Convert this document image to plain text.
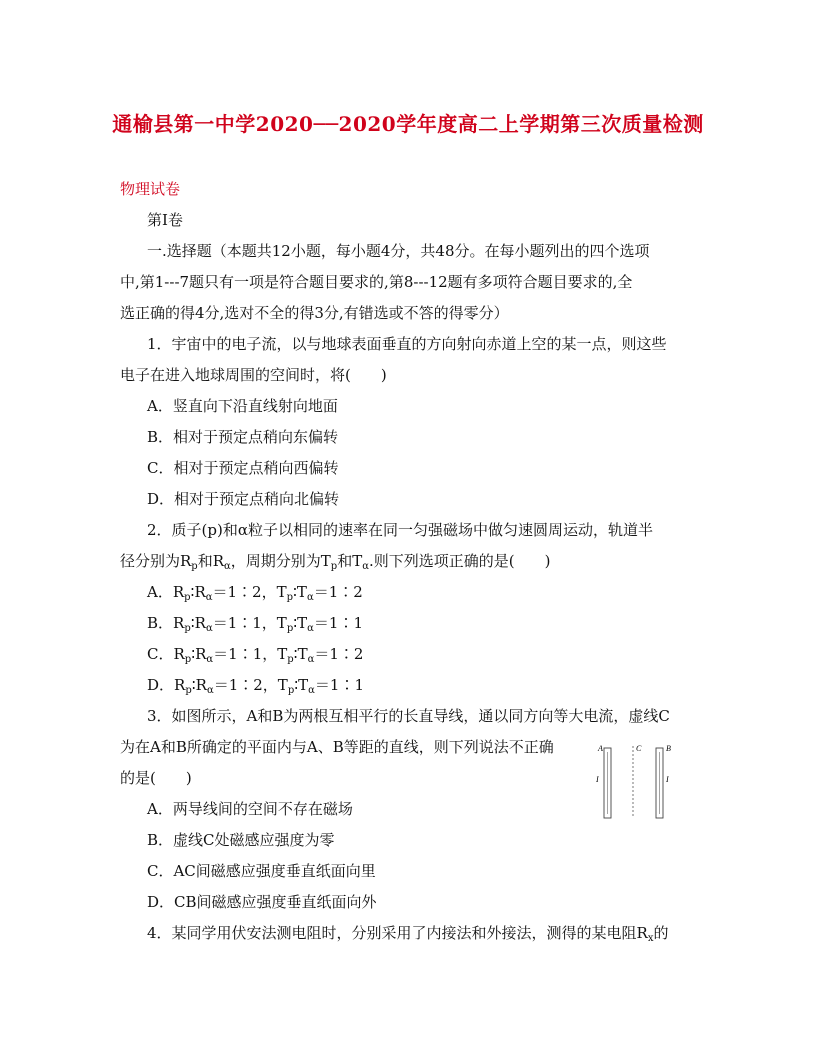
通榆县第一中学2020──2020学年度高二上学期第三次质量检测
物理试卷
第Ⅰ卷
一.选择题（本题共12小题，每小题4分，共48分。在每小题列出的四个选项
中,第1---7题只有一项是符合题目要求的,第8---12题有多项符合题目要求的,全
选正确的得4分,选对不全的得3分,有错选或不答的得零分）
1．宇宙中的电子流，以与地球表面垂直的方向射向赤道上空的某一点，则这些
电子在进入地球周围的空间时，将(　　)
A．竖直向下沿直线射向地面
B．相对于预定点稍向东偏转
C．相对于预定点稍向西偏转
D．相对于预定点稍向北偏转
2．质子(p)和α粒子以相同的速率在同一匀强磁场中做匀速圆周运动，轨道半
径分别为$R_p$和$R_\alpha$，周期分别为$T_p$和$T_\alpha$.则下列选项正确的是(　　)
A．$R_p∶R_\alpha=1∶2$，$T_p∶T_\alpha=1∶2$
B．$R_p∶R_\alpha=1∶1$，$T_p∶T_\alpha=1∶1$
C．$R_p∶R_\alpha=1∶1$，$T_p∶T_\alpha=1∶2$
D．$R_p∶R_\alpha=1∶2$，$T_p∶T_\alpha=1∶1$
3．如图所示，A和B为两根互相平行的长直导线，通以同方向等大电流，虚线C
为在A和B所确定的平面内与A、B等距的直线，则下列说法不正确
的是(　　)
A
I
C	B
I
A．两导线间的空间不存在磁场
B．虚线C处磁感应强度为零
C．AC间磁感应强度垂直纸面向里
D．CB间磁感应强度垂直纸面向外
4．某同学用伏安法测电阻时，分别采用了内接法和外接法，测得的某电阻$R_x$的
